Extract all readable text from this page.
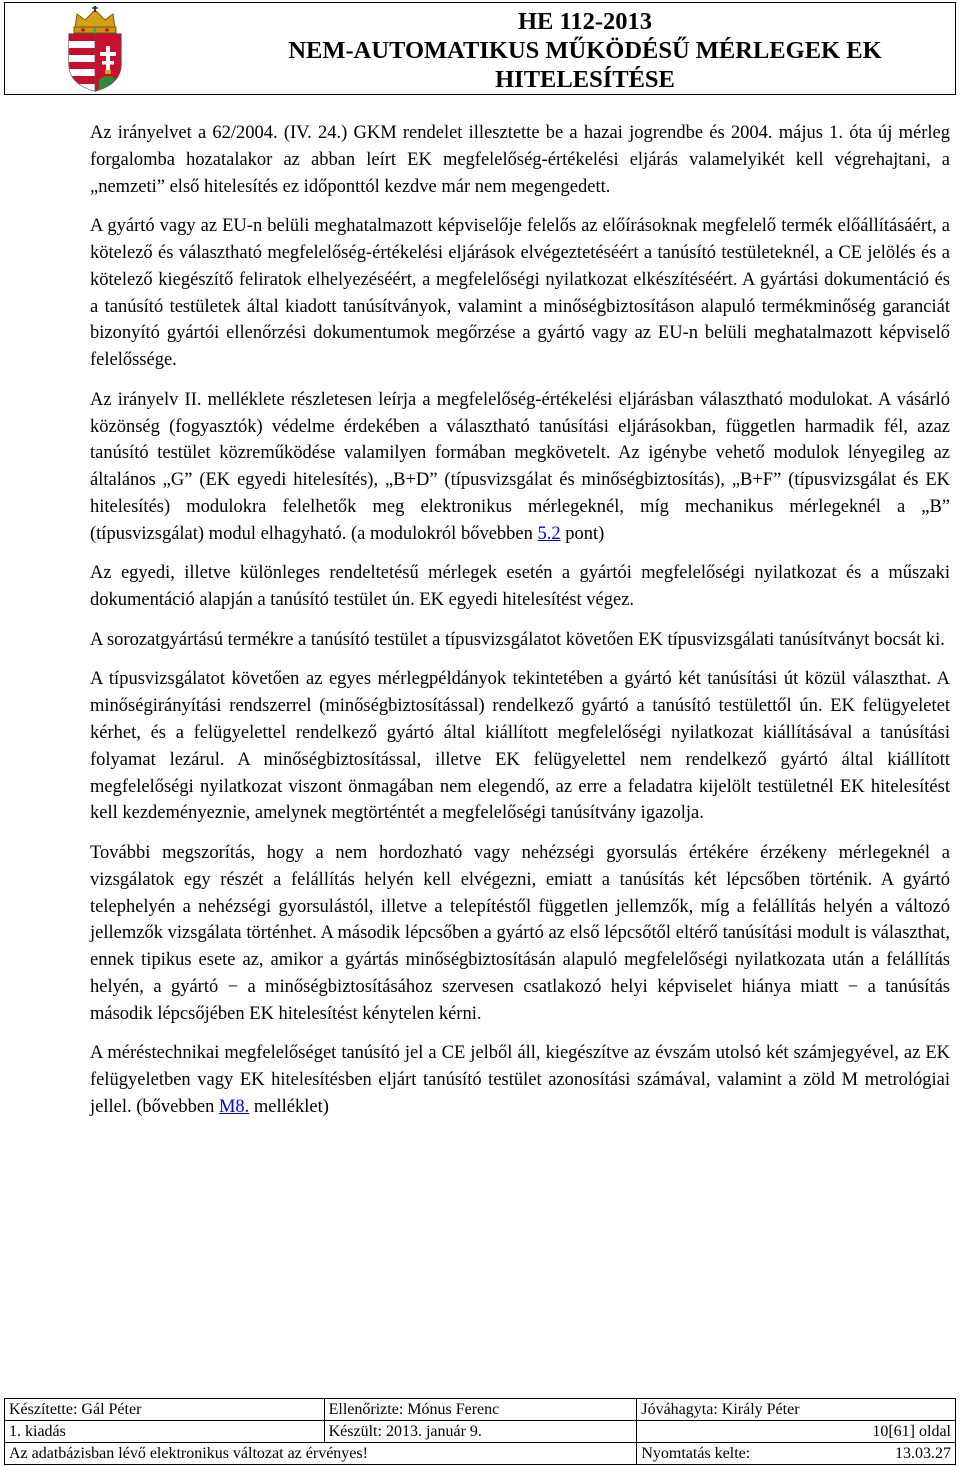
HE 112-2013
NEM-AUTOMATIKUS MŰKÖDÉSŰ MÉRLEGEK EK
HITELESÍTÉSE

Az irányelvet a 62/2004. (IV. 24.) GKM rendelet illesztette be a hazai jogrendbe és 2004. május 1. óta új mérleg forgalomba hozatalakor az abban leírt EK megfelelőség-értékelési eljárás valamelyikét kell végrehajtani, a „nemzeti” első hitelesítés ez időponttól kezdve már nem megengedett.

A gyártó vagy az EU-n belüli meghatalmazott képviselője felelős az előírásoknak megfelelő termék előállításáért, a kötelező és választható megfelelőség-értékelési eljárások elvégeztetéséért a tanúsító testületeknél, a CE jelölés és a kötelező kiegészítő feliratok elhelyezéséért, a megfelelőségi nyilatkozat elkészítéséért. A gyártási dokumentáció és a tanúsító testületek által kiadott tanúsítványok, valamint a minőségbiztosításon alapuló termékminőség garanciát bizonyító gyártói ellenőrzési dokumentumok megőrzése a gyártó vagy az EU-n belüli meghatalmazott képviselő felelőssége.

Az irányelv II. melléklete részletesen leírja a megfelelőség-értékelési eljárásban választható modulokat. A vásárló közönség (fogyasztók) védelme érdekében a választható tanúsítási eljárásokban, független harmadik fél, azaz tanúsító testület közreműködése valamilyen formában megkövetelt. Az igénybe vehető modulok lényegileg az általános „G” (EK egyedi hitelesítés), „B+D” (típusvizsgálat és minőségbiztosítás), „B+F” (típusvizsgálat és EK hitelesítés) modulokra felelhetők meg elektronikus mérlegeknél, míg mechanikus mérlegeknél a „B” (típusvizsgálat) modul elhagyható. (a modulokról bővebben 5.2 pont)

Az egyedi, illetve különleges rendeltetésű mérlegek esetén a gyártói megfelelőségi nyilatkozat és a műszaki dokumentáció alapján a tanúsító testület ún. EK egyedi hitelesítést végez.

A sorozatgyártású termékre a tanúsító testület a típusvizsgálatot követően EK típusvizsgálati tanúsítványt bocsát ki.

A típusvizsgálatot követően az egyes mérlegpéldányok tekintetében a gyártó két tanúsítási út közül választhat. A minőségirányítási rendszerrel (minőségbiztosítással) rendelkező gyártó a tanúsító testülettől ún. EK felügyeletet kérhet, és a felügyelettel rendelkező gyártó által kiállított megfelelőségi nyilatkozat kiállításával a tanúsítási folyamat lezárul. A minőségbiztosítással, illetve EK felügyelettel nem rendelkező gyártó által kiállított megfelelőségi nyilatkozat viszont önmagában nem elegendő, az erre a feladatra kijelölt testületnél EK hitelesítést kell kezdeményeznie, amelynek megtörténtét a megfelelőségi tanúsítvány igazolja.

További megszorítás, hogy a nem hordozható vagy nehézségi gyorsulás értékére érzékeny mérlegeknél a vizsgálatok egy részét a felállítás helyén kell elvégezni, emiatt a tanúsítás két lépcsőben történik. A gyártó telephelyén a nehézségi gyorsulástól, illetve a telepítéstől független jellemzők, míg a felállítás helyén a változó jellemzők vizsgálata történhet. A második lépcsőben a gyártó az első lépcsőtől eltérő tanúsítási modult is választhat, ennek tipikus esete az, amikor a gyártás minőségbiztosításán alapuló megfelelőségi nyilatkozata után a felállítás helyén, a gyártó − a minőségbiztosításához szervesen csatlakozó helyi képviselet hiánya miatt − a tanúsítás második lépcsőjében EK hitelesítést kénytelen kérni.

A méréstechnikai megfelelőséget tanúsító jel a CE jelből áll, kiegészítve az évszám utolsó két számjegyével, az EK felügyeletben vagy EK hitelesítésben eljárt tanúsító testület azonosítási számával, valamint a zöld M metrológiai jellel. (bővebben M8. melléklet)

Készítette: Gál Péter	Ellenőrizte: Mónus Ferenc	Jóváhagyta: Király Péter
1. kiadás	Készült: 2013. január 9.	10[61] oldal
Az adatbázisban lévő elektronikus változat az érvényes!		Nyomtatás kelte: 13.03.27
